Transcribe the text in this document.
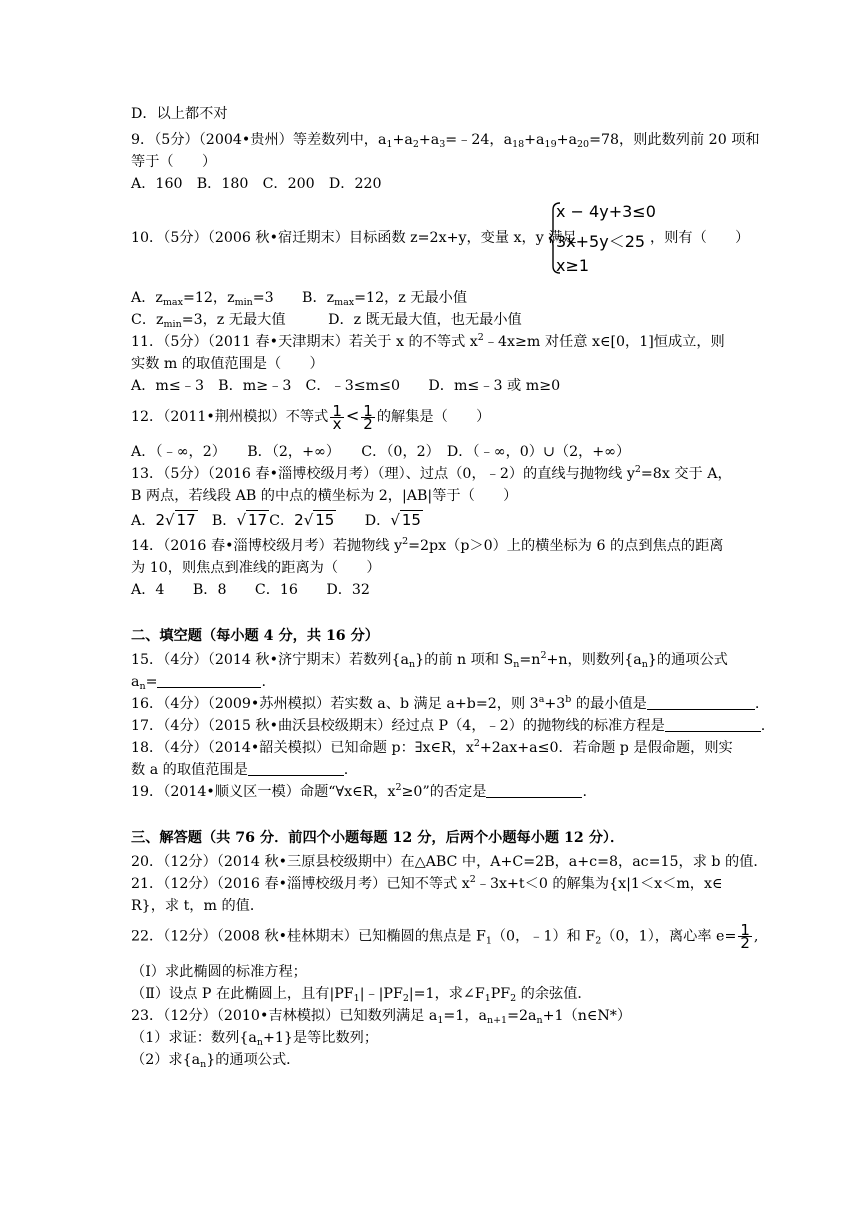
D．以上都不对
9．（5分）（2004•贵州）等差数列中，$a_1+a_2+a_3=﹣24$，$a_{18}+a_{19}+a_{20}=78$，则此数列前 20 项和
等于（　　）
A．160　B．180　C．200　D．220
10．（5分）（2006 秋•宿迁期末）目标函数 z=2x+y，变量 x，y 满足
x − 4y+3≤0
3x+5y＜25
x≥1
，则有（　　）
A．$z_{max}=12$，$z_{min}=3$　　B．$z_{max}=12$，z 无最小值
C．$z_{min}=3$，z 无最大值　　　D．z 既无最大值，也无最小值
11．（5分）（2011 春•天津期末）若关于 x 的不等式 $x^2﹣4x\ge m$ 对任意 x∈[0，1]恒成立，则
实数 m 的取值范围是（　　）
A．m≤﹣3　B．m≥﹣3　C．﹣3≤m≤0　　D．m≤﹣3 或 m≥0
12．（2011•荆州模拟）不等式 $\frac{1}{x} < \frac{1}{2}$ 的解集是（　　）
A．（﹣∞，2）　　B．（2，+∞）　　C．（0，2）　D．（﹣∞，0）∪（2，+∞）
13．（5分）（2016 春•淄博校级月考）（理）、过点（0，﹣2）的直线与抛物线 $y^2=8x$ 交于 A，
B 两点，若线段 AB 的中点的横坐标为 2，|AB|等于（　　）
A．2√ 17　B．√ 17 C．2√ 15　　D．√ 15
14．（2016 春•淄博校级月考）若抛物线 $y^2=2px(p>0)$上的横坐标为 6 的点到焦点的距离
为 10，则焦点到准线的距离为（　　）
A．4　　B．8　　C．16　　D．32
二、填空题（每小题 4 分，共 16 分）
15．（4分）（2014 秋•济宁期末）若数列$\{a_n\}$的前 n 项和 $S_n=n^2+n$，则数列$\{a_n\}$的通项公式
$a_n=$	.
16．（4分）（2009•苏州模拟）若实数 a、b 满足 a+b=2，则 $3^a+3^b$ 的最小值是	.
17．（4分）（2015 秋•曲沃县校级期末）经过点 P（4，﹣2）的抛物线的标准方程是	.
18．（4分）（2014•韶关模拟）已知命题 p：∃x∈R，$x^2+2ax+a\le 0$．若命题 p 是假命题，则实
数 a 的取值范围是	.
19．（2014•顺义区一模）命题“∀x∈R，$x^2\ge 0$”的否定是	.
三、解答题（共 76 分．前四个小题每题 12 分，后两个小题每小题 12 分）．
20．（12分）（2014 秋•三原县校级期中）在△ABC 中，A+C=2B，a+c=8，ac=15，求 b 的值．
21．（12分）（2016 春•淄博校级月考）已知不等式 $x^2﹣3x+t<0$ 的解集为{x|1＜x＜m，x∈
R}，求 t，m 的值．
22．（12分）（2008 秋•桂林期末）已知椭圆的焦点是 $F_1(0$，﹣1）和 $F_2(0$，1），离心率 $e= \frac{1}{2}$ ,
（I）求此椭圆的标准方程；
（Ⅱ）设点 P 在此椭圆上，且有$|PF_1|﹣|PF_2|=1$，求$\angle F_1PF_2$ 的余弦值．
23．（12分）（2010•吉林模拟）已知数列满足 $a_1=1$，$a_{n+1}=2a_n+1(n\in N*)$
（1）求证：数列$\{a_n+1\}$是等比数列；
（2）求$\{a_n\}$的通项公式．
